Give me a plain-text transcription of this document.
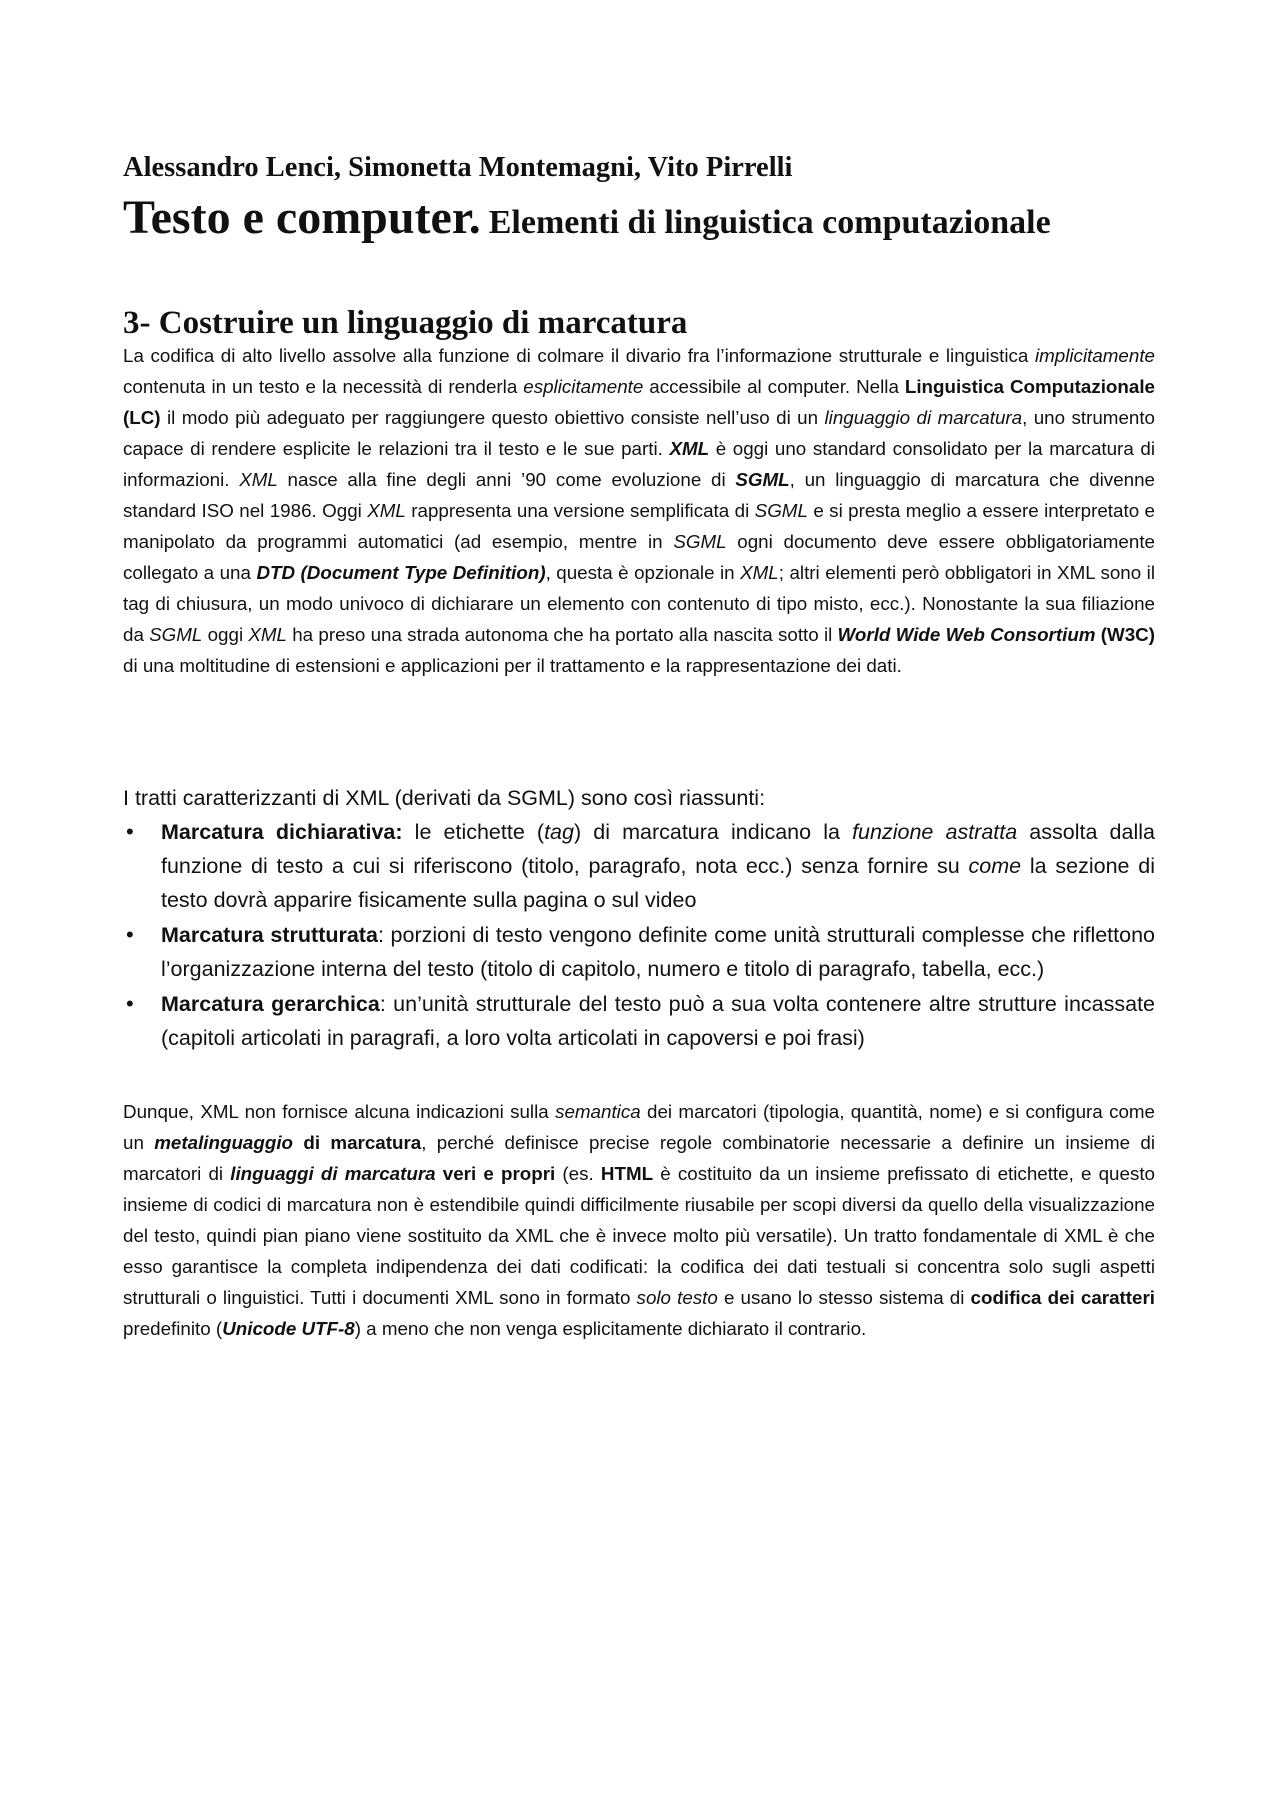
Alessandro Lenci, Simonetta Montemagni, Vito Pirrelli
Testo e computer. Elementi di linguistica computazionale
3- Costruire un linguaggio di marcatura

La codifica di alto livello assolve alla funzione di colmare il divario fra l’informazione strutturale e linguistica implicitamente contenuta in un testo e la necessità di renderla esplicitamente accessibile al computer. Nella Linguistica Computazionale (LC) il modo più adeguato per raggiungere questo obiettivo consiste nell’uso di un linguaggio di marcatura, uno strumento capace di rendere esplicite le relazioni tra il testo e le sue parti. XML è oggi uno standard consolidato per la marcatura di informazioni. XML nasce alla fine degli anni ’90 come evoluzione di SGML, un linguaggio di marcatura che divenne standard ISO nel 1986. Oggi XML rappresenta una versione semplificata di SGML e si presta meglio a essere interpretato e manipolato da programmi automatici (ad esempio, mentre in SGML ogni documento deve essere obbligatoriamente collegato a una DTD (Document Type Definition), questa è opzionale in XML; altri elementi però obbligatori in XML sono il tag di chiusura, un modo univoco di dichiarare un elemento con contenuto di tipo misto, ecc.). Nonostante la sua filiazione da SGML oggi XML ha preso una strada autonoma che ha portato alla nascita sotto il World Wide Web Consortium (W3C) di una moltitudine di estensioni e applicazioni per il trattamento e la rappresentazione dei dati.

I tratti caratterizzanti di XML (derivati da SGML) sono così riassunti:

• Marcatura dichiarativa: le etichette (tag) di marcatura indicano la funzione astratta assolta dalla funzione di testo a cui si riferiscono (titolo, paragrafo, nota ecc.) senza fornire su come la sezione di testo dovrà apparire fisicamente sulla pagina o sul video
• Marcatura strutturata: porzioni di testo vengono definite come unità strutturali complesse che riflettono l’organizzazione interna del testo (titolo di capitolo, numero e titolo di paragrafo, tabella, ecc.)
• Marcatura gerarchica: un’unità strutturale del testo può a sua volta contenere altre strutture incassate (capitoli articolati in paragrafi, a loro volta articolati in capoversi e poi frasi)

Dunque, XML non fornisce alcuna indicazioni sulla semantica dei marcatori (tipologia, quantità, nome) e si configura come un metalinguaggio di marcatura, perché definisce precise regole combinatorie necessarie a definire un insieme di marcatori di linguaggi di marcatura veri e propri (es. HTML è costituito da un insieme prefissato di etichette, e questo insieme di codici di marcatura non è estendibile quindi difficilmente riusabile per scopi diversi da quello della visualizzazione del testo, quindi pian piano viene sostituito da XML che è invece molto più versatile). Un tratto fondamentale di XML è che esso garantisce la completa indipendenza dei dati codificati: la codifica dei dati testuali si concentra solo sugli aspetti strutturali o linguistici. Tutti i documenti XML sono in formato solo testo e usano lo stesso sistema di codifica dei caratteri predefinito (Unicode UTF-8) a meno che non venga esplicitamente dichiarato il contrario.
